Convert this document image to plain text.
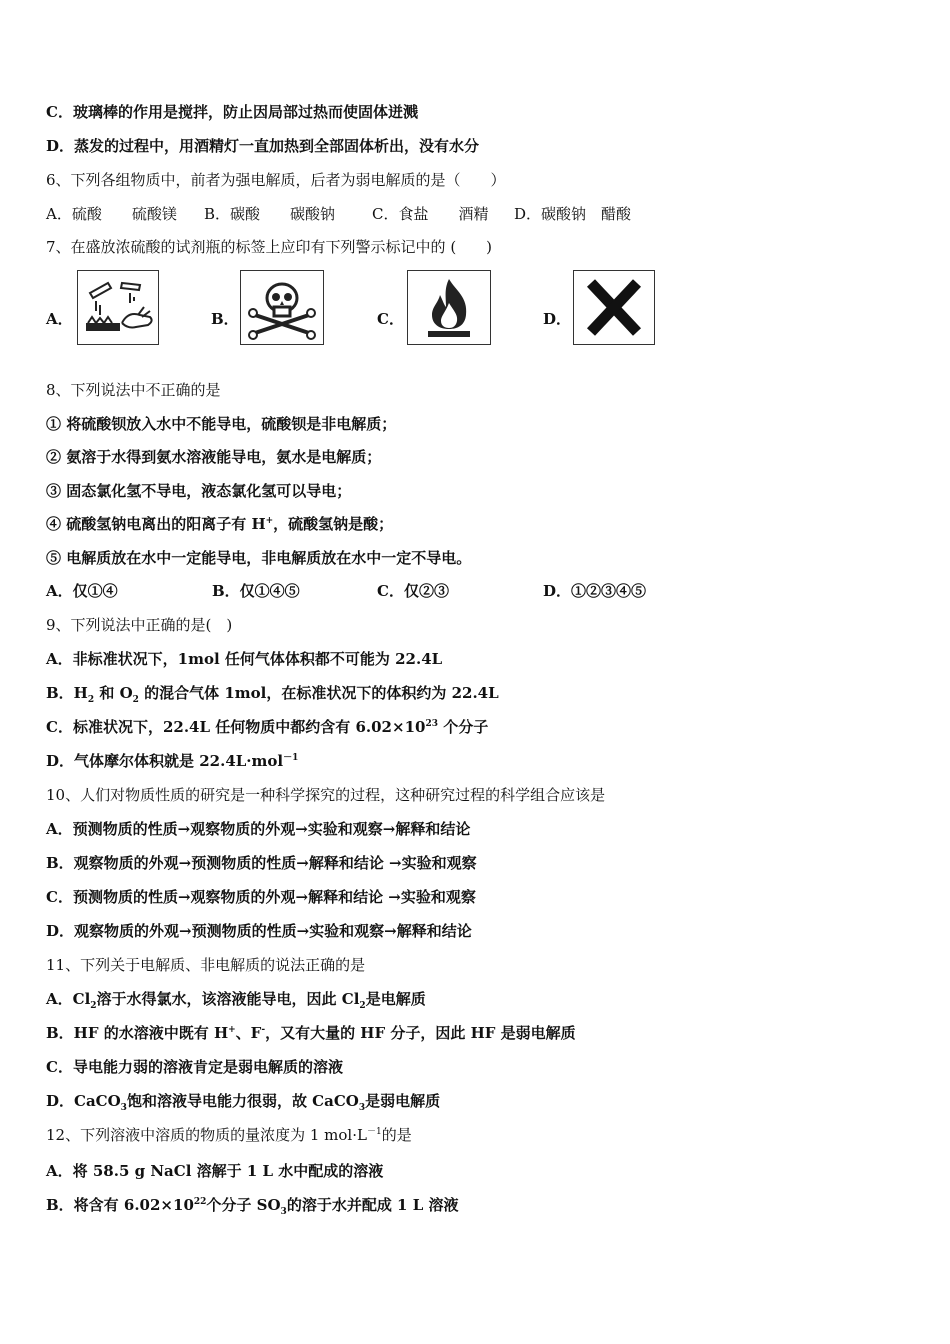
C．玻璃棒的作用是搅拌，防止因局部过热而使固体迸溅
D．蒸发的过程中，用酒精灯一直加热到全部固体析出，没有水分
6、下列各组物质中，前者为强电解质，后者为弱电解质的是（　　）
A．硫酸　　硫酸镁 B．碳酸　　碳酸钠 C．食盐　　酒精 D．碳酸钠　醋酸
7、在盛放浓硫酸的试剂瓶的标签上应印有下列警示标记中的 (　　)
A．	B．	C．	D．
8、下列说法中不正确的是
① 将硫酸钡放入水中不能导电，硫酸钡是非电解质；
② 氨溶于水得到氨水溶液能导电，氨水是电解质；
③ 固态氯化氢不导电，液态氯化氢可以导电；
④ 硫酸氢钠电离出的阳离子有 H+，硫酸氢钠是酸；
⑤ 电解质放在水中一定能导电，非电解质放在水中一定不导电。
A．仅①④	B．仅①④⑤	C．仅②③	D．①②③④⑤
9、下列说法中正确的是(　)
A．非标准状况下，1mol 任何气体体积都不可能为 22.4L
B．$H_2$ 和 $O_2$ 的混合气体 1mol，在标准状况下的体积约为 22.4L
C．标准状况下，22.4L 任何物质中都约含有 $6.02\times 10^{23}$ 个分子
D．气体摩尔体积就是 22.4L·mol$^{-1}$
10、人们对物质性质的研究是一种科学探究的过程，这种研究过程的科学组合应该是
A．预测物质的性质→观察物质的外观→实验和观察→解释和结论
B．观察物质的外观→预测物质的性质→解释和结论 →实验和观察
C．预测物质的性质→观察物质的外观→解释和结论 →实验和观察
D．观察物质的外观→预测物质的性质→实验和观察→解释和结论
11、下列关于电解质、非电解质的说法正确的是
A．$Cl_2$溶于水得氯水，该溶液能导电，因此 $Cl_2$是电解质
B．HF 的水溶液中既有 H+、F-，又有大量的 HF 分子，因此 HF 是弱电解质
C．导电能力弱的溶液肯定是弱电解质的溶液
D．CaCO$_3$饱和溶液导电能力很弱，故 CaCO$_3$是弱电解质
12、下列溶液中溶质的物质的量浓度为 1 $mol\cdot L^{-1}$的是
A．将 58.5 g NaCl 溶解于 1 L 水中配成的溶液
B．将含有 $6.02\times 10^{22}$个分子 $SO_3$的溶于水并配成 1 L 溶液
